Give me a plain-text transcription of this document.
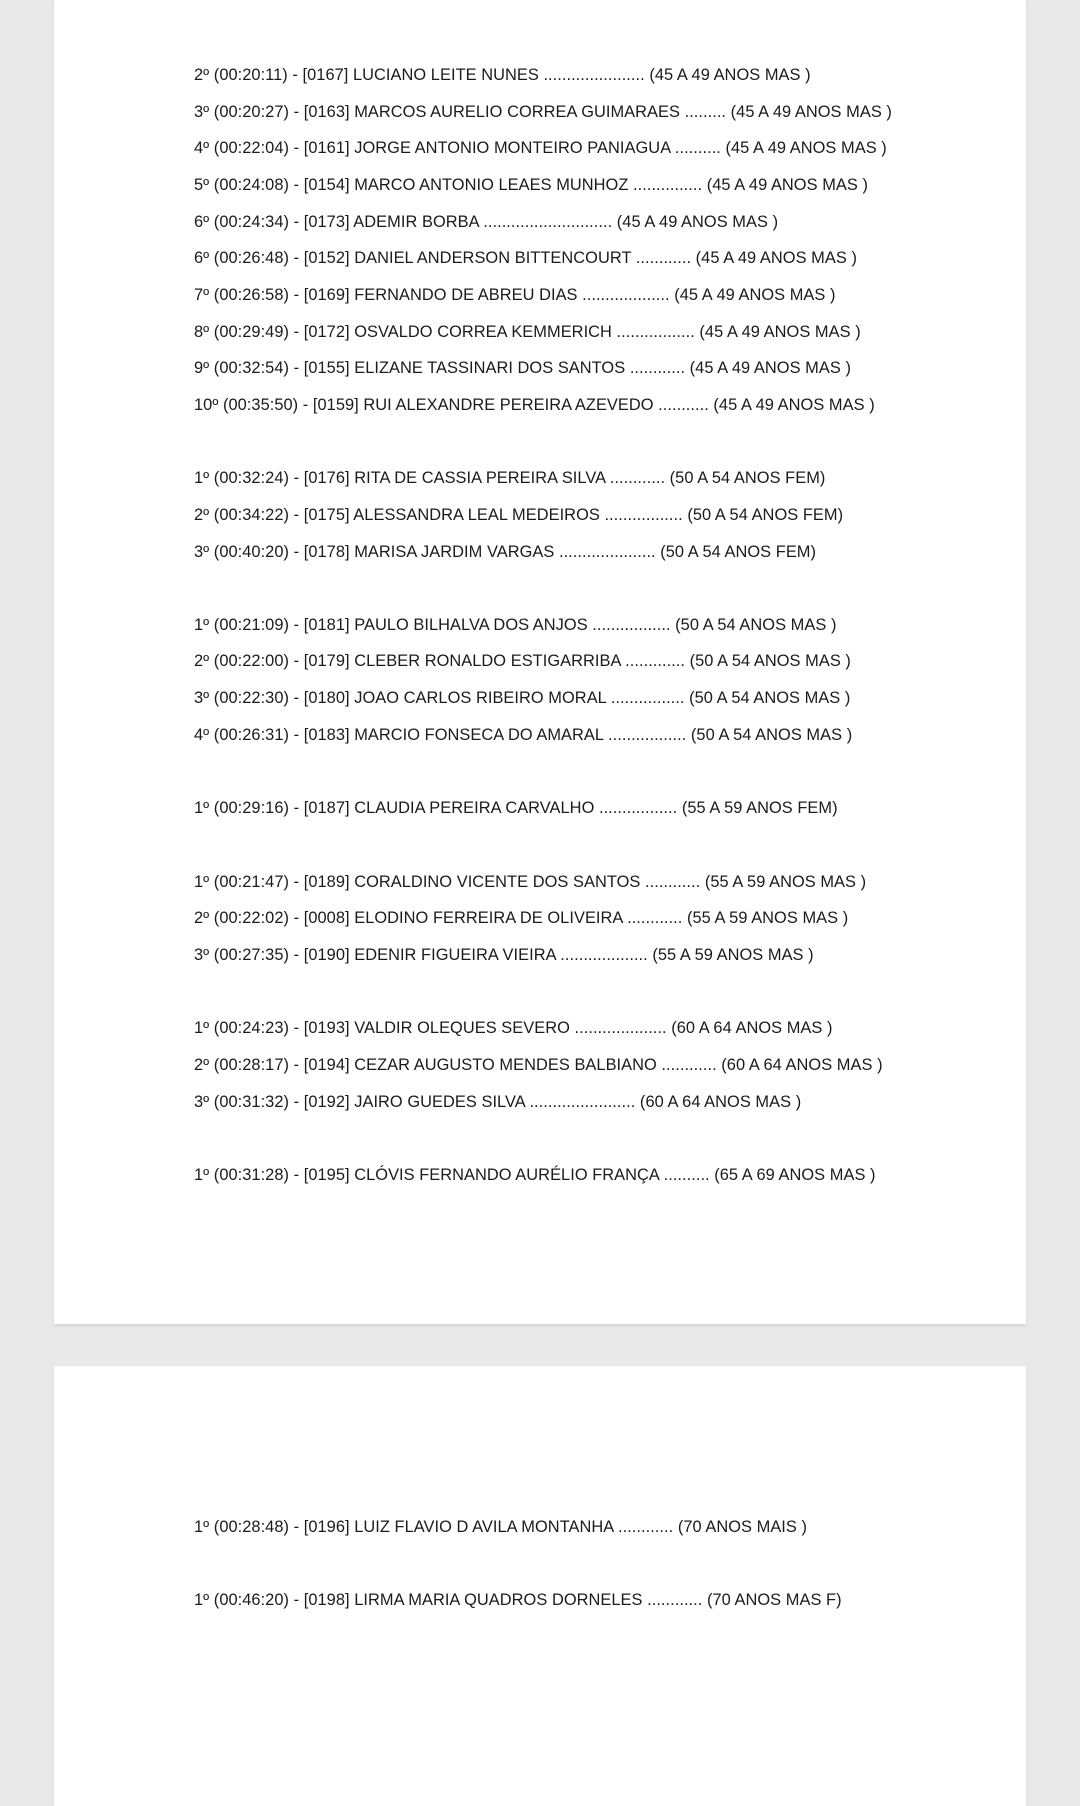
2º (00:20:11) - [0167] LUCIANO LEITE NUNES ...................... (45 A 49 ANOS MAS )
3º (00:20:27) - [0163] MARCOS AURELIO CORREA GUIMARAES ......... (45 A 49 ANOS MAS )
4º (00:22:04) - [0161] JORGE ANTONIO MONTEIRO PANIAGUA .......... (45 A 49 ANOS MAS )
5º (00:24:08) - [0154] MARCO ANTONIO LEAES MUNHOZ ............... (45 A 49 ANOS MAS )
6º (00:24:34) - [0173] ADEMIR BORBA ............................ (45 A 49 ANOS MAS )
6º (00:26:48) - [0152] DANIEL ANDERSON BITTENCOURT ............ (45 A 49 ANOS MAS )
7º (00:26:58) - [0169] FERNANDO DE ABREU DIAS ................... (45 A 49 ANOS MAS )
8º (00:29:49) - [0172] OSVALDO CORREA KEMMERICH ................. (45 A 49 ANOS MAS )
9º (00:32:54) - [0155] ELIZANE TASSINARI DOS SANTOS ............ (45 A 49 ANOS MAS )
10º (00:35:50) - [0159] RUI ALEXANDRE PEREIRA AZEVEDO ........... (45 A 49 ANOS MAS )
1º (00:32:24) - [0176] RITA DE CASSIA PEREIRA SILVA ............ (50 A 54 ANOS FEM)
2º (00:34:22) - [0175] ALESSANDRA LEAL MEDEIROS ................. (50 A 54 ANOS FEM)
3º (00:40:20) - [0178] MARISA JARDIM VARGAS ..................... (50 A 54 ANOS FEM)
1º (00:21:09) - [0181] PAULO BILHALVA DOS ANJOS ................. (50 A 54 ANOS MAS )
2º (00:22:00) - [0179] CLEBER RONALDO ESTIGARRIBA ............. (50 A 54 ANOS MAS )
3º (00:22:30) - [0180] JOAO CARLOS RIBEIRO MORAL ................ (50 A 54 ANOS MAS )
4º (00:26:31) - [0183] MARCIO FONSECA DO AMARAL ................. (50 A 54 ANOS MAS )
1º (00:29:16) - [0187] CLAUDIA PEREIRA CARVALHO ................. (55 A 59 ANOS FEM)
1º (00:21:47) - [0189] CORALDINO VICENTE DOS SANTOS ............ (55 A 59 ANOS MAS )
2º (00:22:02) - [0008] ELODINO FERREIRA DE OLIVEIRA ............ (55 A 59 ANOS MAS )
3º (00:27:35) - [0190] EDENIR FIGUEIRA VIEIRA ................... (55 A 59 ANOS MAS )
1º (00:24:23) - [0193] VALDIR OLEQUES SEVERO .................... (60 A 64 ANOS MAS )
2º (00:28:17) - [0194] CEZAR AUGUSTO MENDES BALBIANO ............ (60 A 64 ANOS MAS )
3º (00:31:32) - [0192] JAIRO GUEDES SILVA ....................... (60 A 64 ANOS MAS )
1º (00:31:28) - [0195] CLÓVIS FERNANDO AURÉLIO FRANÇA .......... (65 A 69 ANOS MAS )
1º (00:28:48) - [0196] LUIZ FLAVIO D AVILA MONTANHA ............ (70 ANOS MAIS )
1º (00:46:20) - [0198] LIRMA MARIA QUADROS DORNELES ............ (70 ANOS MAS F)
